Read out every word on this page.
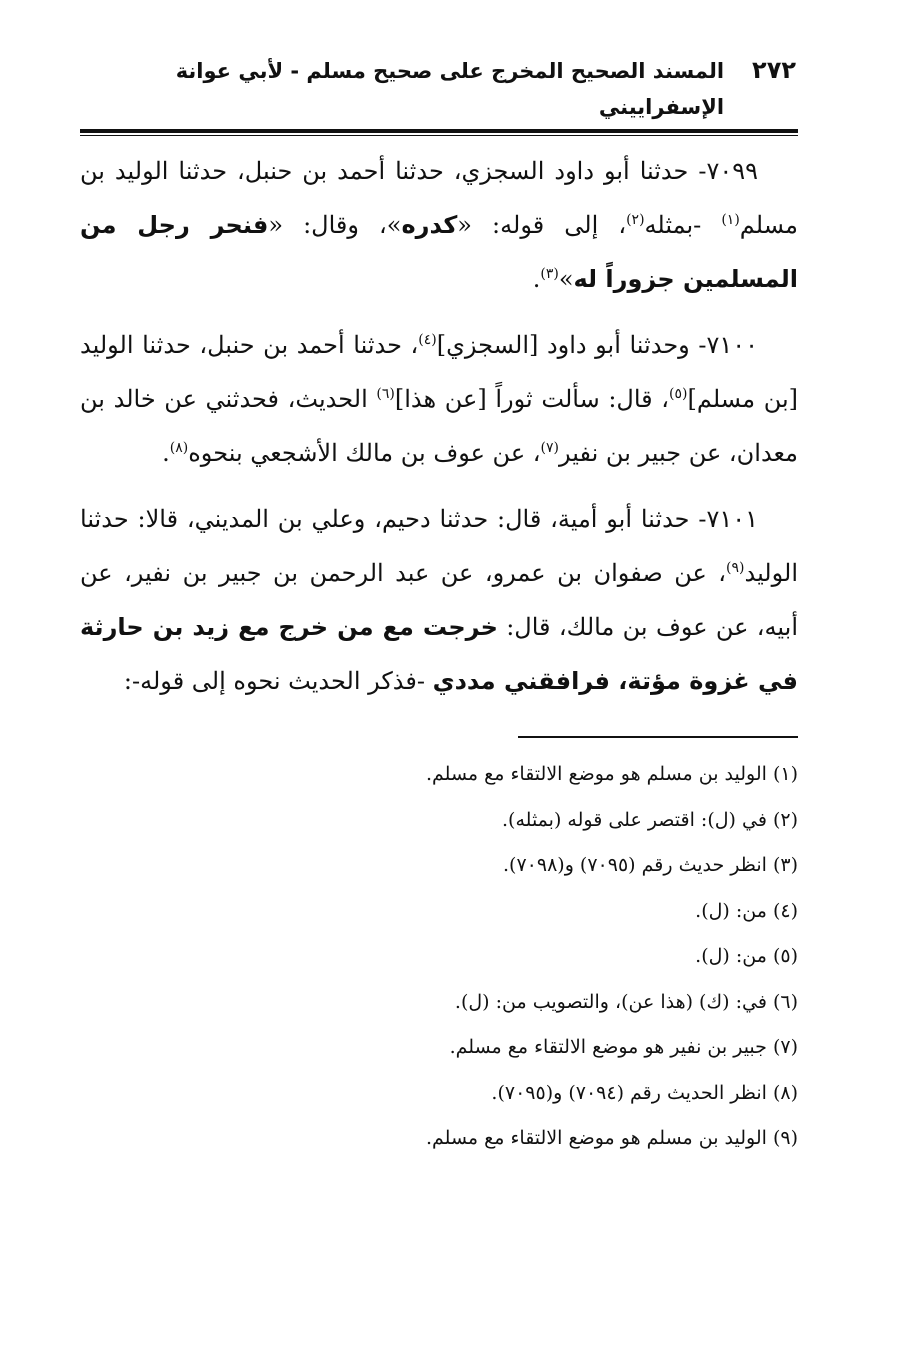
٢٧٢
المسند الصحيح المخرج على صحيح مسلم - لأبي عوانة الإسفراييني

٧٠٩٩- حدثنا أبو داود السجزي، حدثنا أحمد بن حنبل، حدثنا الوليد بن مسلم$^{(١)}$ -بمثله$^{(٢)}$، إلى قوله: «كدره»، وقال: «فنحر رجل من المسلمين جزوراً له»$^{(٣)}$.

٧١٠٠- وحدثنا أبو داود [السجزي]$^{(٤)}$، حدثنا أحمد بن حنبل، حدثنا الوليد [بن مسلم]$^{(٥)}$، قال: سألت ثوراً [عن هذا]$^{(٦)}$ الحديث، فحدثني عن خالد بن معدان، عن جبير بن نفير$^{(٧)}$، عن عوف بن مالك الأشجعي بنحوه$^{(٨)}$.

٧١٠١- حدثنا أبو أمية، قال: حدثنا دحيم، وعلي بن المديني، قالا: حدثنا الوليد$^{(٩)}$، عن صفوان بن عمرو، عن عبد الرحمن بن جبير بن نفير، عن أبيه، عن عوف بن مالك، قال: خرجت مع من خرج مع زيد بن حارثة في غزوة مؤتة، فرافقني مددي -فذكر الحديث نحوه إلى قوله-:

(١) الوليد بن مسلم هو موضع الالتقاء مع مسلم.
(٢) في (ل): اقتصر على قوله (بمثله).
(٣) انظر حديث رقم (٧٠٩٥) و(٧٠٩٨).
(٤) من: (ل).
(٥) من: (ل).
(٦) في: (ك) (هذا عن)، والتصويب من: (ل).
(٧) جبير بن نفير هو موضع الالتقاء مع مسلم.
(٨) انظر الحديث رقم (٧٠٩٤) و(٧٠٩٥).
(٩) الوليد بن مسلم هو موضع الالتقاء مع مسلم.
